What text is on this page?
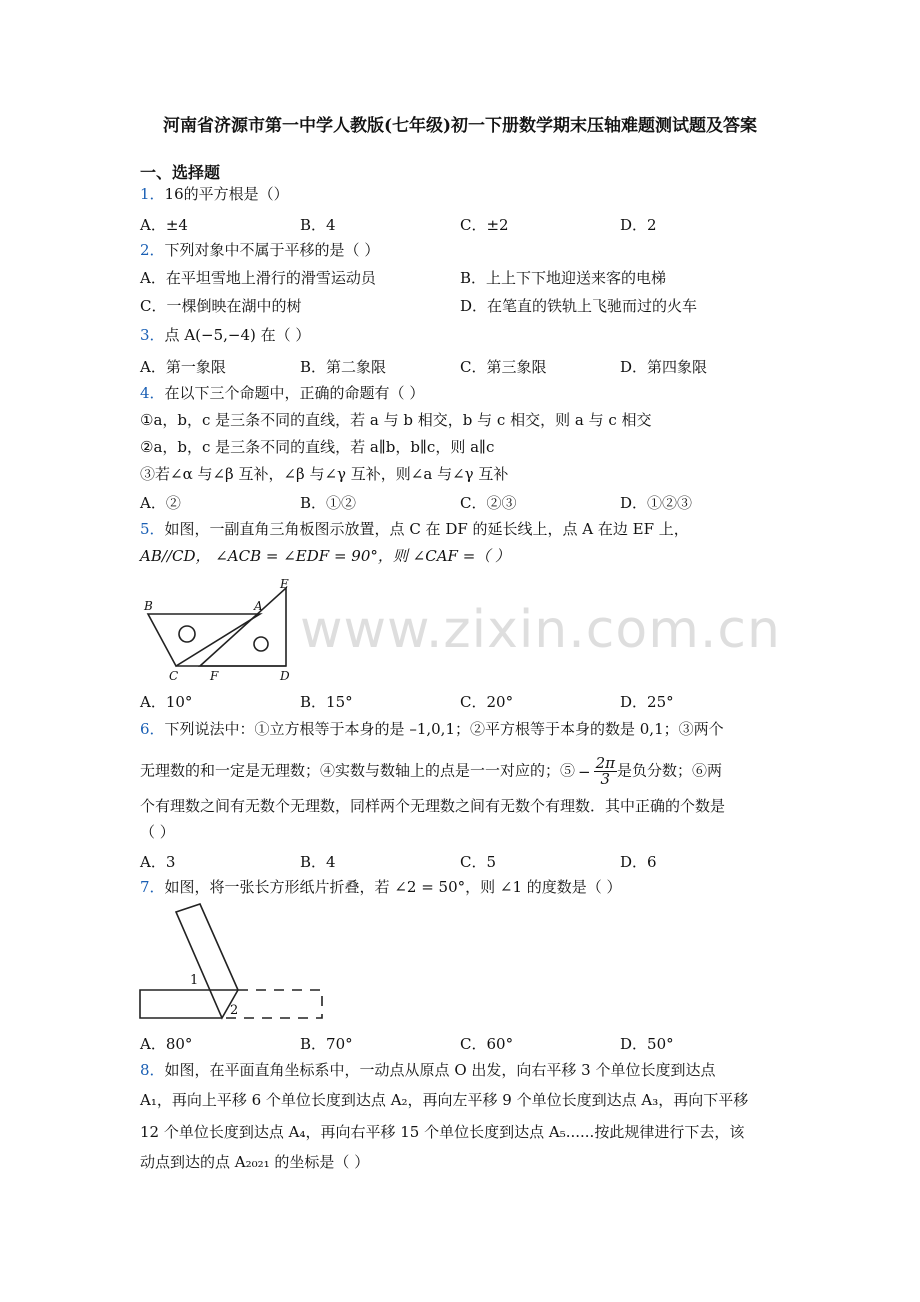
www.zixin.com.cn
河南省济源市第一中学人教版(七年级)初一下册数学期末压轴难题测试题及答案
一、选择题
1．16的平方根是（）
A．±4	B．4	C．±2	D．2
2．下列对象中不属于平移的是（ ）
A．在平坦雪地上滑行的滑雪运动员	B．上上下下地迎送来客的电梯
C．一棵倒映在湖中的树	D．在笔直的铁轨上飞驰而过的火车
3．点 A(−5,−4) 在（ ）
A．第一象限	B．第二象限	C．第三象限	D．第四象限
4．在以下三个命题中，正确的命题有（ ）
①a，b，c 是三条不同的直线，若 a 与 b 相交，b 与 c 相交，则 a 与 c 相交
②a，b，c 是三条不同的直线，若 a∥b，b∥c，则 a∥c
③若∠α 与∠β 互补，∠β 与∠γ 互补，则∠a 与∠γ 互补
A．②	B．①②	C．②③	D．①②③
5．如图，一副直角三角板图示放置，点 C 在 DF 的延长线上，点 A 在边 EF 上，
AB//CD， ∠ACB = ∠EDF = 90°，则 ∠CAF =（ ）
B	A
E
C	F	D
A．10°	B．15°	C．20°	D．25°
6．下列说法中：①立方根等于本身的是 –1,0,1；②平方根等于本身的数是 0,1；③两个
无理数的和一定是无理数；④实数与数轴上的点是一一对应的；⑤ − $\frac{2\pi}{3}$ 是负分数；⑥两
个有理数之间有无数个无理数，同样两个无理数之间有无数个有理数．其中正确的个数是
（ ）
A．3	B．4	C．5	D．6
7．如图，将一张长方形纸片折叠，若 ∠2 = 50°，则 ∠1 的度数是（ ）
1
2
A．80°	B．70°	C．60°	D．50°
8．如图，在平面直角坐标系中，一动点从原点 O 出发，向右平移 3 个单位长度到达点
A₁，再向上平移 6 个单位长度到达点 A₂，再向左平移 9 个单位长度到达点 A₃，再向下平移
12 个单位长度到达点 A₄，再向右平移 15 个单位长度到达点 A₅......按此规律进行下去，该
动点到达的点 A₂₀₂₁ 的坐标是（ ）
